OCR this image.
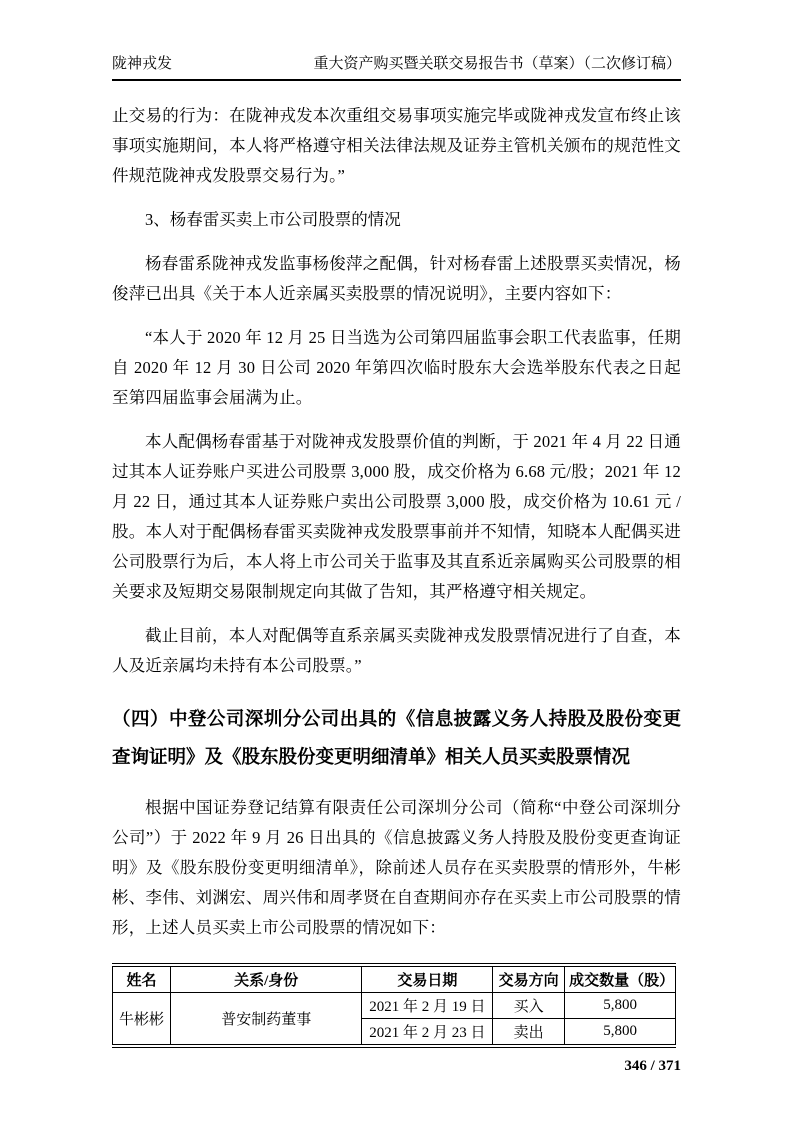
陇神戎发	重大资产购买暨关联交易报告书（草案）（二次修订稿）

止交易的行为：在陇神戎发本次重组交易事项实施完毕或陇神戎发宣布终止该事项实施期间，本人将严格遵守相关法律法规及证券主管机关颁布的规范性文件规范陇神戎发股票交易行为。”

3、杨春雷买卖上市公司股票的情况

杨春雷系陇神戎发监事杨俊萍之配偶，针对杨春雷上述股票买卖情况，杨俊萍已出具《关于本人近亲属买卖股票的情况说明》，主要内容如下：

“本人于 2020 年 12 月 25 日当选为公司第四届监事会职工代表监事，任期自 2020 年 12 月 30 日公司 2020 年第四次临时股东大会选举股东代表之日起至第四届监事会届满为止。

本人配偶杨春雷基于对陇神戎发股票价值的判断，于 2021 年 4 月 22 日通过其本人证券账户买进公司股票 3,000 股，成交价格为 6.68 元/股；2021 年 12 月 22 日，通过其本人证券账户卖出公司股票 3,000 股，成交价格为 10.61 元 / 股。本人对于配偶杨春雷买卖陇神戎发股票事前并不知情，知晓本人配偶买进公司股票行为后，本人将上市公司关于监事及其直系近亲属购买公司股票的相关要求及短期交易限制规定向其做了告知，其严格遵守相关规定。

截止目前，本人对配偶等直系亲属买卖陇神戎发股票情况进行了自查，本人及近亲属均未持有本公司股票。”

（四）中登公司深圳分公司出具的《信息披露义务人持股及股份变更查询证明》及《股东股份变更明细清单》相关人员买卖股票情况

根据中国证券登记结算有限责任公司深圳分公司（简称“中登公司深圳分公司”）于 2022 年 9 月 26 日出具的《信息披露义务人持股及股份变更查询证明》及《股东股份变更明细清单》，除前述人员存在买卖股票的情形外，牛彬彬、李伟、刘渊宏、周兴伟和周孝贤在自查期间亦存在买卖上市公司股票的情形，上述人员买卖上市公司股票的情况如下：

姓名	关系/身份	交易日期	交易方向	成交数量（股）
牛彬彬	普安制药董事	2021 年 2 月 19 日	买入	5,800
		2021 年 2 月 23 日	卖出	5,800
346 / 371
